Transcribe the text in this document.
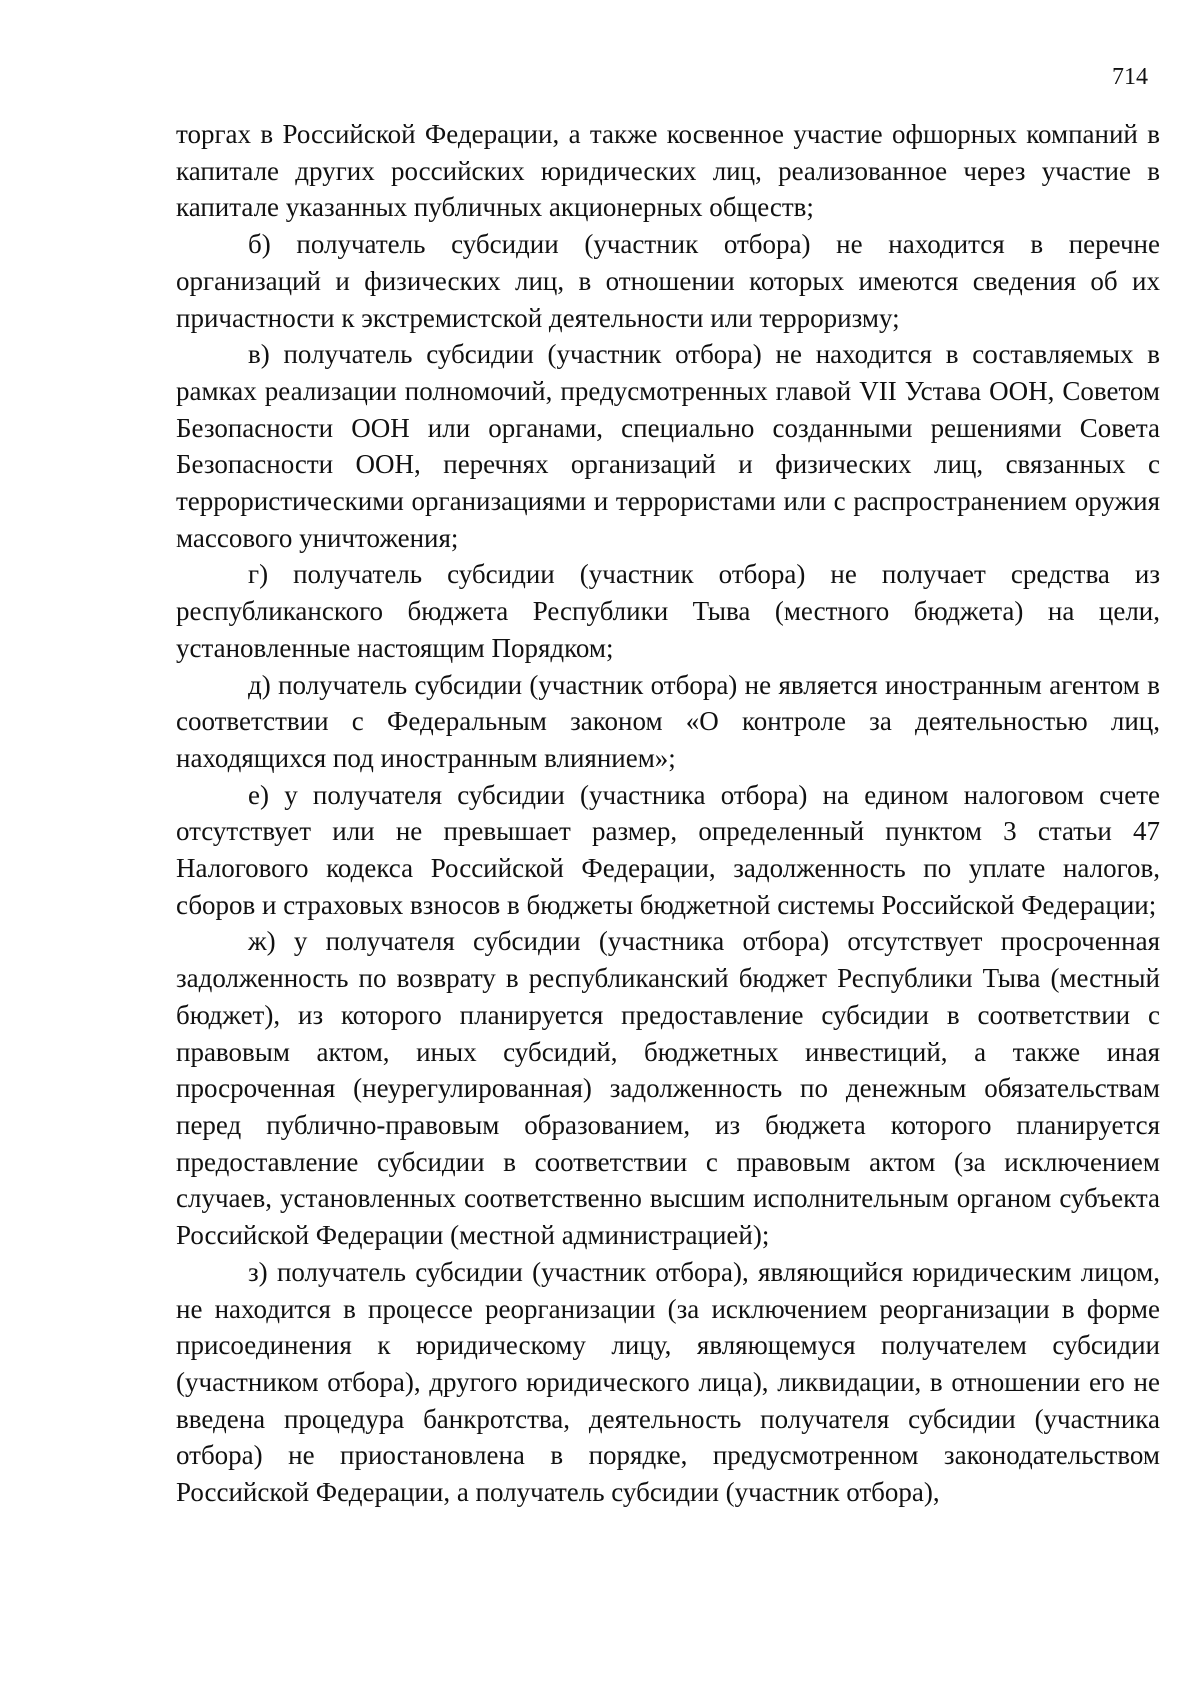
714

торгах в Российской Федерации, а также косвенное участие офшорных компаний в капитале других российских юридических лиц, реализованное через участие в капитале указанных публичных акционерных обществ;

б) получатель субсидии (участник отбора) не находится в перечне организаций и физических лиц, в отношении которых имеются сведения об их причастности к экстремистской деятельности или терроризму;

в) получатель субсидии (участник отбора) не находится в составляемых в рамках реализации полномочий, предусмотренных главой VII Устава ООН, Советом Безопасности ООН или органами, специально созданными решениями Совета Безопасности ООН, перечнях организаций и физических лиц, связанных с террористическими организациями и террористами или с распространением оружия массового уничтожения;

г) получатель субсидии (участник отбора) не получает средства из республиканского бюджета Республики Тыва (местного бюджета) на цели, установленные настоящим Порядком;

д) получатель субсидии (участник отбора) не является иностранным агентом в соответствии с Федеральным законом «О контроле за деятельностью лиц, находящихся под иностранным влиянием»;

е) у получателя субсидии (участника отбора) на едином налоговом счете отсутствует или не превышает размер, определенный пунктом 3 статьи 47 Налогового кодекса Российской Федерации, задолженность по уплате налогов, сборов и страховых взносов в бюджеты бюджетной системы Российской Федерации;

ж) у получателя субсидии (участника отбора) отсутствует просроченная задолженность по возврату в республиканский бюджет Республики Тыва (местный бюджет), из которого планируется предоставление субсидии в соответствии с правовым актом, иных субсидий, бюджетных инвестиций, а также иная просроченная (неурегулированная) задолженность по денежным обязательствам перед публично-правовым образованием, из бюджета которого планируется предоставление субсидии в соответствии с правовым актом (за исключением случаев, установленных соответственно высшим исполнительным органом субъекта Российской Федерации (местной администрацией);

з) получатель субсидии (участник отбора), являющийся юридическим лицом, не находится в процессе реорганизации (за исключением реорганизации в форме присоединения к юридическому лицу, являющемуся получателем субсидии (участником отбора), другого юридического лица), ликвидации, в отношении его не введена процедура банкротства, деятельность получателя субсидии (участника отбора) не приостановлена в порядке, предусмотренном законодательством Российской Федерации, а получатель субсидии (участник отбора),
